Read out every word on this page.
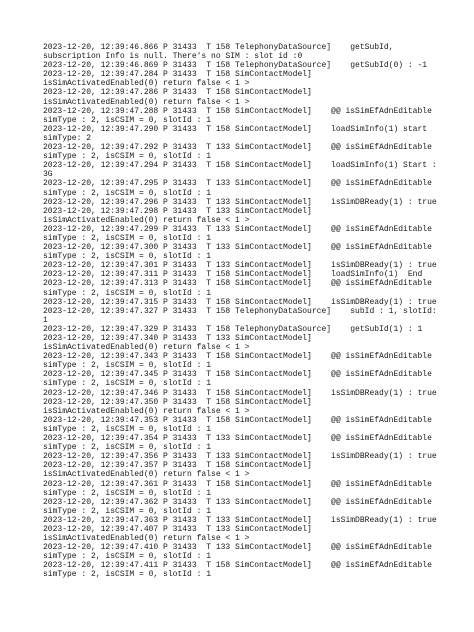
2023-12-20, 12:39:46.866 P 31433  T 158 TelephonyDataSource]    getSubId,
subscription Info is null. There's no SIM : slot id :0
2023-12-20, 12:39:46.869 P 31433  T 158 TelephonyDataSource]    getSubId(0) : -1
2023-12-20, 12:39:47.284 P 31433  T 158 SimContactModel]
isSimActivatedEnabled(0) return false < 1 >
2023-12-20, 12:39:47.286 P 31433  T 158 SimContactModel]
isSimActivatedEnabled(0) return false < 1 >
2023-12-20, 12:39:47.288 P 31433  T 158 SimContactModel]    @@ isSimEfAdnEditable
simType : 2, isCSIM = 0, slotId : 1
2023-12-20, 12:39:47.290 P 31433  T 158 SimContactModel]    loadSimInfo(1) start
simType: 2
2023-12-20, 12:39:47.292 P 31433  T 133 SimContactModel]    @@ isSimEfAdnEditable
simType : 2, isCSIM = 0, slotId : 1
2023-12-20, 12:39:47.294 P 31433  T 158 SimContactModel]    loadSimInfo(1) Start :
3G
2023-12-20, 12:39:47.295 P 31433  T 133 SimContactModel]    @@ isSimEfAdnEditable
simType : 2, isCSIM = 0, slotId : 1
2023-12-20, 12:39:47.296 P 31433  T 133 SimContactModel]    isSimDBReady(1) : true
2023-12-20, 12:39:47.298 P 31433  T 133 SimContactModel]
isSimActivatedEnabled(0) return false < 1 >
2023-12-20, 12:39:47.299 P 31433  T 133 SimContactModel]    @@ isSimEfAdnEditable
simType : 2, isCSIM = 0, slotId : 1
2023-12-20, 12:39:47.300 P 31433  T 133 SimContactModel]    @@ isSimEfAdnEditable
simType : 2, isCSIM = 0, slotId : 1
2023-12-20, 12:39:47.301 P 31433  T 133 SimContactModel]    isSimDBReady(1) : true
2023-12-20, 12:39:47.311 P 31433  T 158 SimContactModel]    loadSimInfo(1)  End
2023-12-20, 12:39:47.313 P 31433  T 158 SimContactModel]    @@ isSimEfAdnEditable
simType : 2, isCSIM = 0, slotId : 1
2023-12-20, 12:39:47.315 P 31433  T 158 SimContactModel]    isSimDBReady(1) : true
2023-12-20, 12:39:47.327 P 31433  T 158 TelephonyDataSource]    subId : 1, slotId:
1
2023-12-20, 12:39:47.329 P 31433  T 158 TelephonyDataSource]    getSubId(1) : 1
2023-12-20, 12:39:47.340 P 31433  T 133 SimContactModel]
isSimActivatedEnabled(0) return false < 1 >
2023-12-20, 12:39:47.343 P 31433  T 158 SimContactModel]    @@ isSimEfAdnEditable
simType : 2, isCSIM = 0, slotId : 1
2023-12-20, 12:39:47.345 P 31433  T 158 SimContactModel]    @@ isSimEfAdnEditable
simType : 2, isCSIM = 0, slotId : 1
2023-12-20, 12:39:47.346 P 31433  T 158 SimContactModel]    isSimDBReady(1) : true
2023-12-20, 12:39:47.350 P 31433  T 158 SimContactModel]
isSimActivatedEnabled(0) return false < 1 >
2023-12-20, 12:39:47.353 P 31433  T 158 SimContactModel]    @@ isSimEfAdnEditable
simType : 2, isCSIM = 0, slotId : 1
2023-12-20, 12:39:47.354 P 31433  T 133 SimContactModel]    @@ isSimEfAdnEditable
simType : 2, isCSIM = 0, slotId : 1
2023-12-20, 12:39:47.356 P 31433  T 133 SimContactModel]    isSimDBReady(1) : true
2023-12-20, 12:39:47.357 P 31433  T 158 SimContactModel]
isSimActivatedEnabled(0) return false < 1 >
2023-12-20, 12:39:47.361 P 31433  T 158 SimContactModel]    @@ isSimEfAdnEditable
simType : 2, isCSIM = 0, slotId : 1
2023-12-20, 12:39:47.362 P 31433  T 133 SimContactModel]    @@ isSimEfAdnEditable
simType : 2, isCSIM = 0, slotId : 1
2023-12-20, 12:39:47.363 P 31433  T 133 SimContactModel]    isSimDBReady(1) : true
2023-12-20, 12:39:47.407 P 31433  T 133 SimContactModel]
isSimActivatedEnabled(0) return false < 1 >
2023-12-20, 12:39:47.410 P 31433  T 133 SimContactModel]    @@ isSimEfAdnEditable
simType : 2, isCSIM = 0, slotId : 1
2023-12-20, 12:39:47.411 P 31433  T 158 SimContactModel]    @@ isSimEfAdnEditable
simType : 2, isCSIM = 0, slotId : 1
